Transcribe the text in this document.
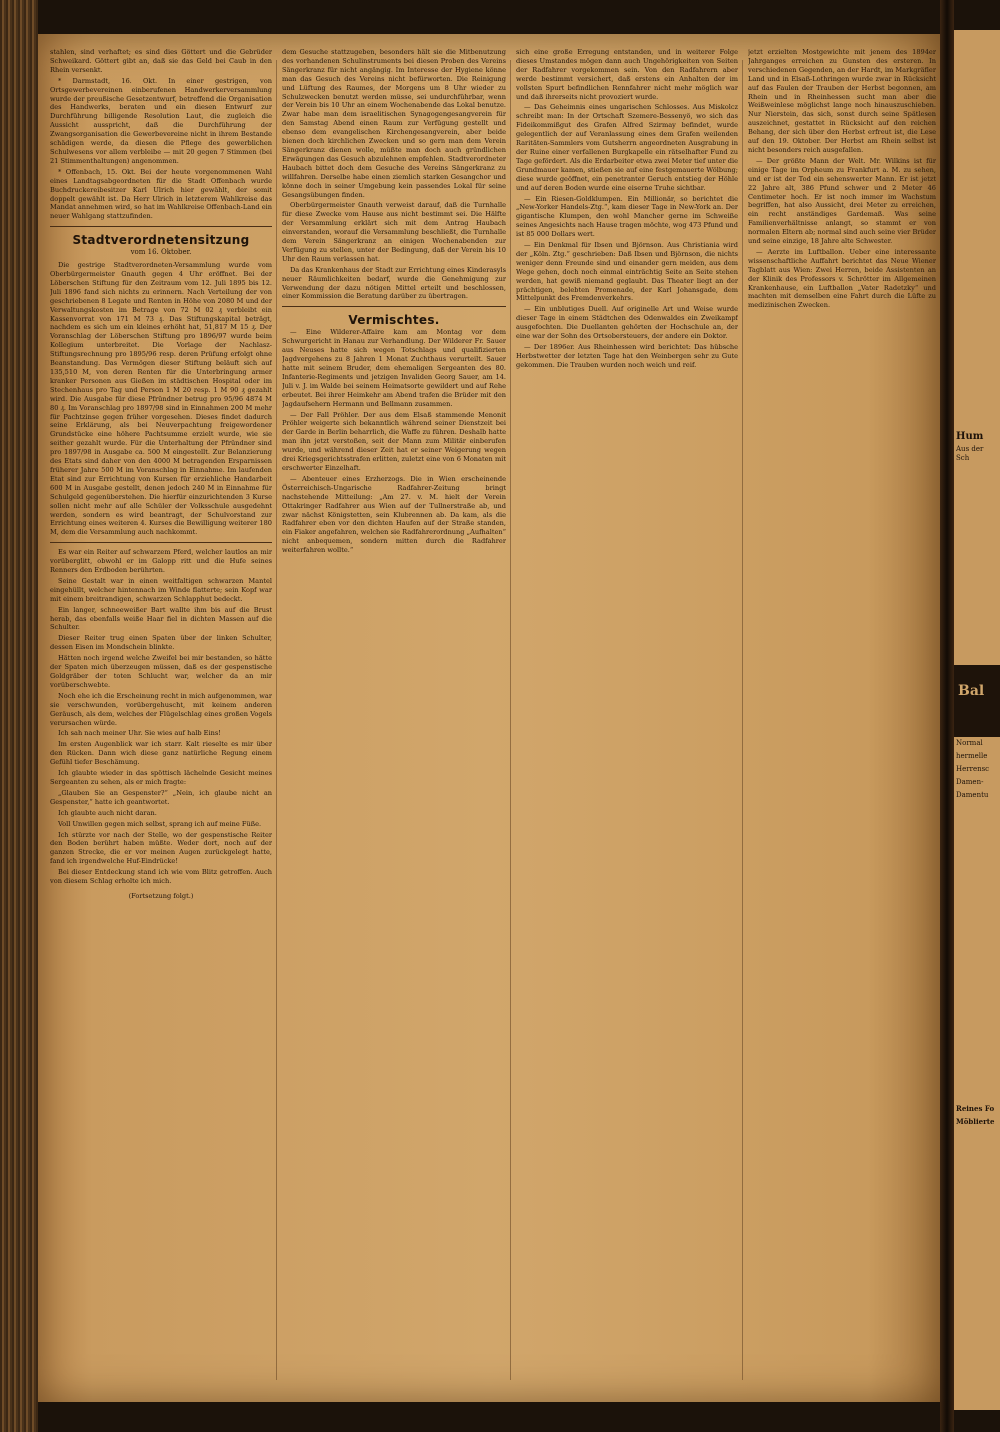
stahlen, sind verhaftet; es sind dies Göttert und die Gebrüder Schweikard. Göttert gibt an, daß sie das Geld bei Caub in den Rhein versenkt.

* Darmstadt, 16. Okt. In einer gestrigen, von Ortsgewerbevereinen einberufenen Handwerkerversammlung wurde der preußische Gesetzentwurf, betreffend die Organisation des Handwerks, beraten und ein diesen Entwurf zur Durchführung billigende Resolution Laut, die zugleich die Aussicht ausspricht, daß die Durchführung der Zwangsorganisation die Gewerbevereine nicht in ihrem Bestande schädigen werde, da diesen die Pflege des gewerblichen Schulwesens vor allem verbleibe — mit 20 gegen 7 Stimmen (bei 21 Stimmenthaltungen) angenommen.

* Offenbach, 15. Okt. Bei der heute vorgenommenen Wahl eines Landtagsabgeordneten für die Stadt Offenbach wurde Buchdruckereibesitzer Karl Ulrich hier gewählt, der somit doppelt gewählt ist. Da Herr Ulrich in letzterem Wahlkreise das Mandat annehmen wird, so hat im Wahlkreise Offenbach-Land ein neuer Wahlgang stattzufinden.

Stadtverordnetensitzung
vom 16. Oktober.

Die gestrige Stadtverordneten-Versammlung wurde vom Oberbürgermeister Gnauth gegen 4 Uhr eröffnet. Bei der Löberschen Stiftung für den Zeitraum vom 12. Juli 1895 bis 12. Juli 1896 fand sich nichts zu erinnern. Nach Verteilung der von geschriebenen 8 Legate und Renten in Höhe von 2080 M und der Verwaltungskosten im Betrage von 72 M 02 ₰ verbleibt ein Kassenvorrat von 171 M 73 ₰. Das Stiftungskapital beträgt, nachdem es sich um ein kleines erhöht hat, 51,817 M 15 ₰. Der Voranschlag der Löberschen Stiftung pro 1896/97 wurde beim Kollegium unterbreitet. Die Vorlage der Nachlasz-Stiftungsrechnung pro 1895/96 resp. deren Prüfung erfolgt ohne Beanstandung. Das Vermögen dieser Stiftung beläuft sich auf 135,510 M, von deren Renten für die Unterbringung armer kranker Personen aus Gießen im städtischen Hospital oder im Stechenhaus pro Tag und Person 1 M 20 resp. 1 M 90 ₰ gezahlt wird. Die Ausgabe für diese Pfründner betrug pro 95/96 4874 M 80 ₰. Im Voranschlag pro 1897/98 sind in Einnahmen 200 M mehr für Pachtzinse gegen früher vorgesehen. Dieses findet dadurch seine Erklärung, als bei Neuverpachtung freigewordener Grundstücke eine höhere Pachtsumme erzielt wurde, wie sie seither gezahlt wurde. Für die Unterhaltung der Pfründner sind pro 1897/98 in Ausgabe ca. 500 M eingestellt. Zur Belanzierung des Etats sind daher von den 4000 M betragenden Ersparnissen früherer Jahre 500 M im Voranschlag in Einnahme. Im laufenden Etat sind zur Errichtung von Kursen für erziehliche Handarbeit 600 M in Ausgabe gestellt, denen jedoch 240 M in Einnahme für Schulgeld gegenüberstehen. Die hierfür einzurichtenden 3 Kurse sollen nicht mehr auf alle Schüler der Volksschule ausgedehnt werden, sondern es wird beantragt, der Schulvorstand zur Errichtung eines weiteren 4. Kurses die Bewilligung weiterer 180 M, dem die Versammlung auch nachkommt.

Es war ein Reiter auf schwarzem Pferd, welcher lautlos an mir vorüberglitt, obwohl er im Galopp ritt und die Hufe seines Renners den Erdboden berührten.

Seine Gestalt war in einen weitfaltigen schwarzen Mantel eingehüllt, welcher hintennach im Winde flatterte; sein Kopf war mit einem breitrandigen, schwarzen Schlapphut bedeckt.

Ein langer, schneeweißer Bart wallte ihm bis auf die Brust herab, das ebenfalls weiße Haar fiel in dichten Massen auf die Schulter.

Dieser Reiter trug einen Spaten über der linken Schulter, dessen Eisen im Mondschein blinkte.

Hätten noch irgend welche Zweifel bei mir bestanden, so hätte der Spaten mich überzeugen müssen, daß es der gespenstische Goldgräber der toten Schlucht war, welcher da an mir vorüberschwebte.

Noch ehe ich die Erscheinung recht in mich aufgenommen, war sie verschwunden, vorübergehuscht, mit keinem anderen Geräusch, als dem, welches der Flügelschlag eines großen Vogels verursachen würde.

Ich sah nach meiner Uhr. Sie wies auf halb Eins!

Im ersten Augenblick war ich starr. Kalt rieselte es mir über den Rücken. Dann wich diese ganz natürliche Regung einem Gefühl tiefer Beschämung.

Ich glaubte wieder in das spöttisch lächelnde Gesicht meines Sergeanten zu sehen, als er mich fragte:

„Glauben Sie an Gespenster?“ „Nein, ich glaube nicht an Gespenster,“ hatte ich geantwortet.

Ich glaubte auch nicht daran.

Voll Unwillen gegen mich selbst, sprang ich auf meine Füße.

Ich stürzte vor nach der Stelle, wo der gespenstische Reiter den Boden berührt haben müßte. Weder dort, noch auf der ganzen Strecke, die er vor meinen Augen zurückgelegt hatte, fand ich irgendwelche Huf-Eindrücke!

Bei dieser Entdeckung stand ich wie vom Blitz getroffen. Auch von diesem Schlag erholte ich mich.

(Fortsetzung folgt.)

dem Gesuche stattzugeben, besonders hält sie die Mitbenutzung des vorhandenen Schulinstruments bei diesen Proben des Vereins Sängerkranz für nicht angängig. Im Interesse der Hygiene könne man das Gesuch des Vereins nicht befürworten. Die Reinigung und Lüftung des Raumes, der Morgens um 8 Uhr wieder zu Schulzwecken benutzt werden müsse, sei undurchführbar, wenn der Verein bis 10 Uhr an einem Wochenabende das Lokal benutze. Zwar habe man dem israelitischen Synagogengesangverein für den Samstag Abend einen Raum zur Verfügung gestellt und ebenso dem evangelischen Kirchengesangverein, aber beide bienen doch kirchlichen Zwecken und so gern man dem Verein Sängerkranz dienen wolle, müßte man doch auch gründlichen Erwägungen das Gesuch abzulehnen empfehlen. Stadtverordneter Haubach bittet doch dem Gesuche des Vereins Sängerkranz zu willfahren. Derselbe habe einen ziemlich starken Gesangchor und könne doch in seiner Umgebung kein passendes Lokal für seine Gesangsübungen finden.

Oberbürgermeister Gnauth verweist darauf, daß die Turnhalle für diese Zwecke vom Hause aus nicht bestimmt sei. Die Hälfte der Versammlung erklärt sich mit dem Antrag Haubach einverstanden, worauf die Versammlung beschließt, die Turnhalle dem Verein Sängerkranz an einigen Wochenabenden zur Verfügung zu stellen, unter der Bedingung, daß der Verein bis 10 Uhr den Raum verlassen hat.

Da das Krankenhaus der Stadt zur Errichtung eines Kinderasyls neuer Räumlichkeiten bedarf, wurde die Genehmigung zur Verwendung der dazu nötigen Mittel erteilt und beschlossen, einer Kommission die Beratung darüber zu übertragen.

Vermischtes.

— Eine Wilderer-Affaire kam am Montag vor dem Schwurgericht in Hanau zur Verhandlung. Der Wilderer Fr. Sauer aus Neuses hatte sich wegen Totschlags und qualifizierten Jagdvergehens zu 8 Jahren 1 Monat Zuchthaus verurteilt. Sauer hatte mit seinem Bruder, dem ehemaligen Sergeanten des 80. Infanterie-Regiments und jetzigen Invaliden Georg Sauer, am 14. Juli v. J. im Walde bei seinem Heimatsorte gewildert und auf Rehe erbeutet. Bei ihrer Heimkehr am Abend trafen die Brüder mit den Jagdaufsehern Hermann und Bellmann zusammen.

— Der Fall Pröhler. Der aus dem Elsaß stammende Menonit Pröhler weigerte sich bekanntlich während seiner Dienstzeit bei der Garde in Berlin beharrlich, die Waffe zu führen. Deshalb hatte man ihn jetzt verstoßen, seit der Mann zum Militär einberufen wurde, und während dieser Zeit hat er seiner Weigerung wegen drei Kriegsgerichtsstrafen erlitten, zuletzt eine von 6 Monaten mit erschwerter Einzelhaft.

— Abenteuer eines Erzherzogs. Die in Wien erscheinende Österreichisch-Ungarische Radfahrer-Zeitung bringt nachstehende Mitteilung: „Am 27. v. M. hielt der Verein Ottakringer Radfahrer aus Wien auf der Tullnerstraße ab, und zwar nächst Königstetten, sein Klubrennen ab. Da kam, als die Radfahrer eben vor den dichten Haufen auf der Straße standen, ein Fiaker angefahren, welchen sie Radfahrerordnung „Aufhalten“ nicht anbequemen, sondern mitten durch die Radfahrer weiterfahren wollte.“

sich eine große Erregung entstanden, und in weiterer Folge dieses Umstandes mögen dann auch Ungehörigkeiten von Seiten der Radfahrer vorgekommen sein. Von den Radfahrern aber werde bestimmt versichert, daß erstens ein Anhalten der im vollsten Spurt befindlichen Rennfahrer nicht mehr möglich war und daß ihrerseits nicht provoziert wurde.

— Das Geheimnis eines ungarischen Schlosses. Aus Miskolcz schreibt man: In der Ortschaft Szemere-Bessenyö, wo sich das Fideikommißgut des Grafen Alfred Szirmay befindet, wurde gelegentlich der auf Veranlassung eines dem Grafen weilenden Raritäten-Sammlers vom Gutsherrn angeordneten Ausgrabung in der Ruine einer verfallenen Burgkapelle ein rätselhafter Fund zu Tage gefördert. Als die Erdarbeiter etwa zwei Meter tief unter die Grundmauer kamen, stießen sie auf eine festgemauerte Wölbung; diese wurde geöffnet, ein penetranter Geruch entstieg der Höhle und auf deren Boden wurde eine eiserne Truhe sichtbar.

— Ein Riesen-Goldklumpen. Ein Millionär, so berichtet die „New-Yorker Handels-Ztg.“, kam dieser Tage in New-York an. Der gigantische Klumpen, den wohl Mancher gerne im Schweiße seines Angesichts nach Hause tragen möchte, wog 473 Pfund und ist 85 000 Dollars wert.

— Ein Denkmal für Ibsen und Björnson. Aus Christiania wird der „Köln. Ztg.“ geschrieben: Daß Ibsen und Björnson, die nichts weniger denn Freunde sind und einander gern meiden, aus dem Wege gehen, doch noch einmal einträchtig Seite an Seite stehen werden, hat gewiß niemand geglaubt. Das Theater liegt an der prächtigen, belebten Promenade, der Karl Johansgade, dem Mittelpunkt des Fremdenverkehrs.

— Ein unblutiges Duell. Auf originelle Art und Weise wurde dieser Tage in einem Städtchen des Odenwaldes ein Zweikampf ausgefochten. Die Duellanten gehörten der Hochschule an, der eine war der Sohn des Ortsobersteuers, der andere ein Doktor.

— Der 1896er. Aus Rheinhessen wird berichtet: Das hübsche Herbstwetter der letzten Tage hat den Weinbergen sehr zu Gute gekommen. Die Trauben wurden noch weich und reif.

jetzt erzielten Mostgewichte mit jenem des 1894er Jahrganges erreichen zu Gunsten des ersteren. In verschiedenen Gegenden, an der Hardt, im Markgräfler Land und in Elsaß-Lothringen wurde zwar in Rücksicht auf das Faulen der Trauben der Herbst begonnen, am Rhein und in Rheinhessen sucht man aber die Weißweinlese möglichst lange noch hinauszuschieben. Nur Nierstein, das sich, sonst durch seine Spätlesen auszeichnet, gestattet in Rücksicht auf den reichen Behang, der sich über den Herbst erfreut ist, die Lese auf den 19. Oktober. Der Herbst am Rhein selbst ist nicht besonders reich ausgefallen.

— Der größte Mann der Welt. Mr. Wilkins ist für einige Tage im Orpheum zu Frankfurt a. M. zu sehen, und er ist der Tod ein sehenswerter Mann. Er ist jetzt 22 Jahre alt, 386 Pfund schwer und 2 Meter 46 Centimeter hoch. Er ist noch immer im Wachstum begriffen, hat also Aussicht, drei Meter zu erreichen, ein recht anständiges Gardemaß. Was seine Familienverhältnisse anlangt, so stammt er von normalen Eltern ab; normal sind auch seine vier Brüder und seine einzige, 18 Jahre alte Schwester.

— Aerzte im Luftballon. Ueber eine interessante wissenschaftliche Auffahrt berichtet das Neue Wiener Tagblatt aus Wien: Zwei Herren, beide Assistenten an der Klinik des Professors v. Schrötter im Allgemeinen Krankenhause, ein Luftballon „Vater Radetzky“ und machten mit demselben eine Fahrt durch die Lüfte zu medizinischen Zwecken.

Hum
Aus der Sch
Bal
Normal
hermelle
Herrensc
Damen-
Damentu
Reines Fo
Möblierte
